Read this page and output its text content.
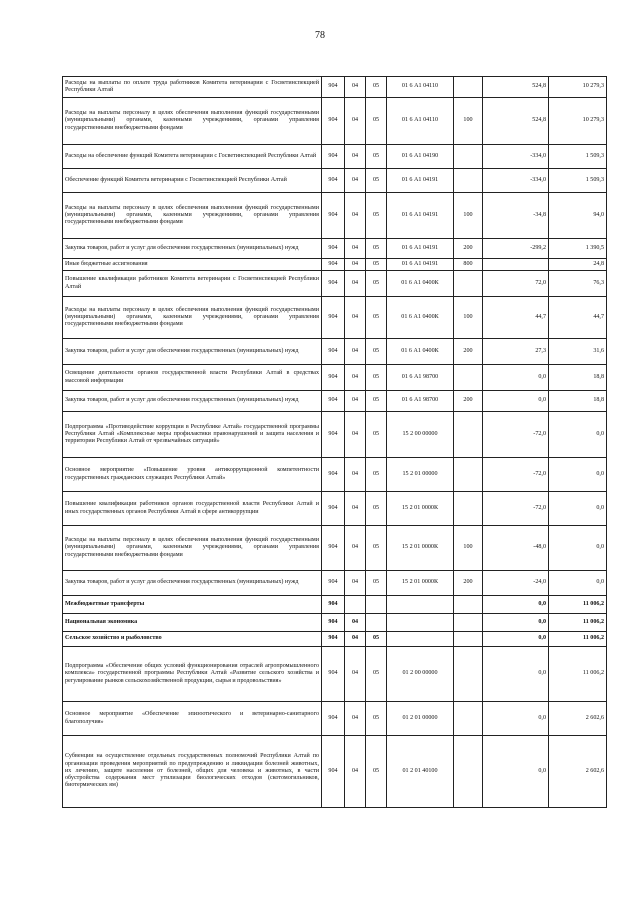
78
Расходы на выплаты по оплате труда работников Комитета ветеринарии с Госветинспекцией Республики Алтай	904	04	05	01 6 А1 04110		524,8	10 279,3
Расходы на выплаты персоналу в целях обеспечения выполнения функций государственными (муниципальными) органами, казенными учреждениями, органами управления государственными внебюджетными фондами	904	04	05	01 6 А1 04110	100	524,8	10 279,3
Расходы на обеспечение функций Комитета ветеринарии с Госветинспекцией Республики Алтай	904	04	05	01 6 А1 04190		-334,0	1 509,3
Обеспечение функций Комитета ветеринарии с Госветинспекцией Республики Алтай	904	04	05	01 6 А1 04191		-334,0	1 509,3
Расходы на выплаты персоналу в целях обеспечения выполнения функций государственными (муниципальными) органами, казенными учреждениями, органами управления государственными внебюджетными фондами	904	04	05	01 6 А1 04191	100	-34,8	94,0
Закупка товаров, работ и услуг для обеспечения государственных (муниципальных) нужд	904	04	05	01 6 А1 04191	200	-299,2	1 390,5
Иные бюджетные ассигнования	904	04	05	01 6 А1 04191	800		24,8
Повышение квалификации работников Комитета ветеринарии с Госветинспекцией Республики Алтай	904	04	05	01 6 А1 0400К		72,0	76,3
Расходы на выплаты персоналу в целях обеспечения выполнения функций государственными (муниципальными) органами, казенными учреждениями, органами управления государственными внебюджетными фондами	904	04	05	01 6 А1 0400К	100	44,7	44,7
Закупка товаров, работ и услуг для обеспечения государственных (муниципальных) нужд	904	04	05	01 6 А1 0400К	200	27,3	31,6
Освещение деятельности органов государственной власти Республики Алтай в средствах массовой информации	904	04	05	01 6 А1 98700		0,0	18,8
Закупка товаров, работ и услуг для обеспечения государственных (муниципальных) нужд	904	04	05	01 6 А1 98700	200	0,0	18,8
Подпрограмма «Противодействие коррупции в Республике Алтай» государственной программы Республики Алтай «Комплексные меры профилактики правонарушений и защита населения и территории Республики Алтай от чрезвычайных ситуаций»	904	04	05	15 2 00 00000		-72,0	0,0
Основное мероприятие «Повышение уровня антикоррупционной компетентности государственных гражданских служащих Республики Алтай»	904	04	05	15 2 01 00000		-72,0	0,0
Повышение квалификации работников органов государственной власти Республики Алтай и иных государственных органов Республики Алтай в сфере антикоррупции	904	04	05	15 2 01 0000К		-72,0	0,0
Расходы на выплаты персоналу в целях обеспечения выполнения функций государственными (муниципальными) органами, казенными учреждениями, органами управления государственными внебюджетными фондами	904	04	05	15 2 01 0000К	100	-48,0	0,0
Закупка товаров, работ и услуг для обеспечения государственных (муниципальных) нужд	904	04	05	15 2 01 0000К	200	-24,0	0,0
Межбюджетные трансферты	904					0,0	11 006,2
Национальная экономика	904	04				0,0	11 006,2
Сельское хозяйство и рыболовство	904	04	05			0,0	11 006,2
Подпрограмма «Обеспечение общих условий функционирования отраслей агропромышленного комплекса» государственной программы Республики Алтай «Развитие сельского хозяйства и регулирование рынков сельскохозяйственной продукции, сырья и продовольствия»	904	04	05	01 2 00 00000		0,0	11 006,2
Основное мероприятие «Обеспечение эпизоотического и ветеринарно-санитарного благополучия»	904	04	05	01 2 01 00000		0,0	2 602,6
Субвенции на осуществление отдельных государственных полномочий Республики Алтай по организации проведения мероприятий по предупреждению и ликвидации болезней животных, их лечению, защите населения от болезней, общих для человека и животных, в части обустройства содержания мест утилизации биологических отходов (скотомогильников, биотермических ям)	904	04	05	01 2 01 40100		0,0	2 602,6
